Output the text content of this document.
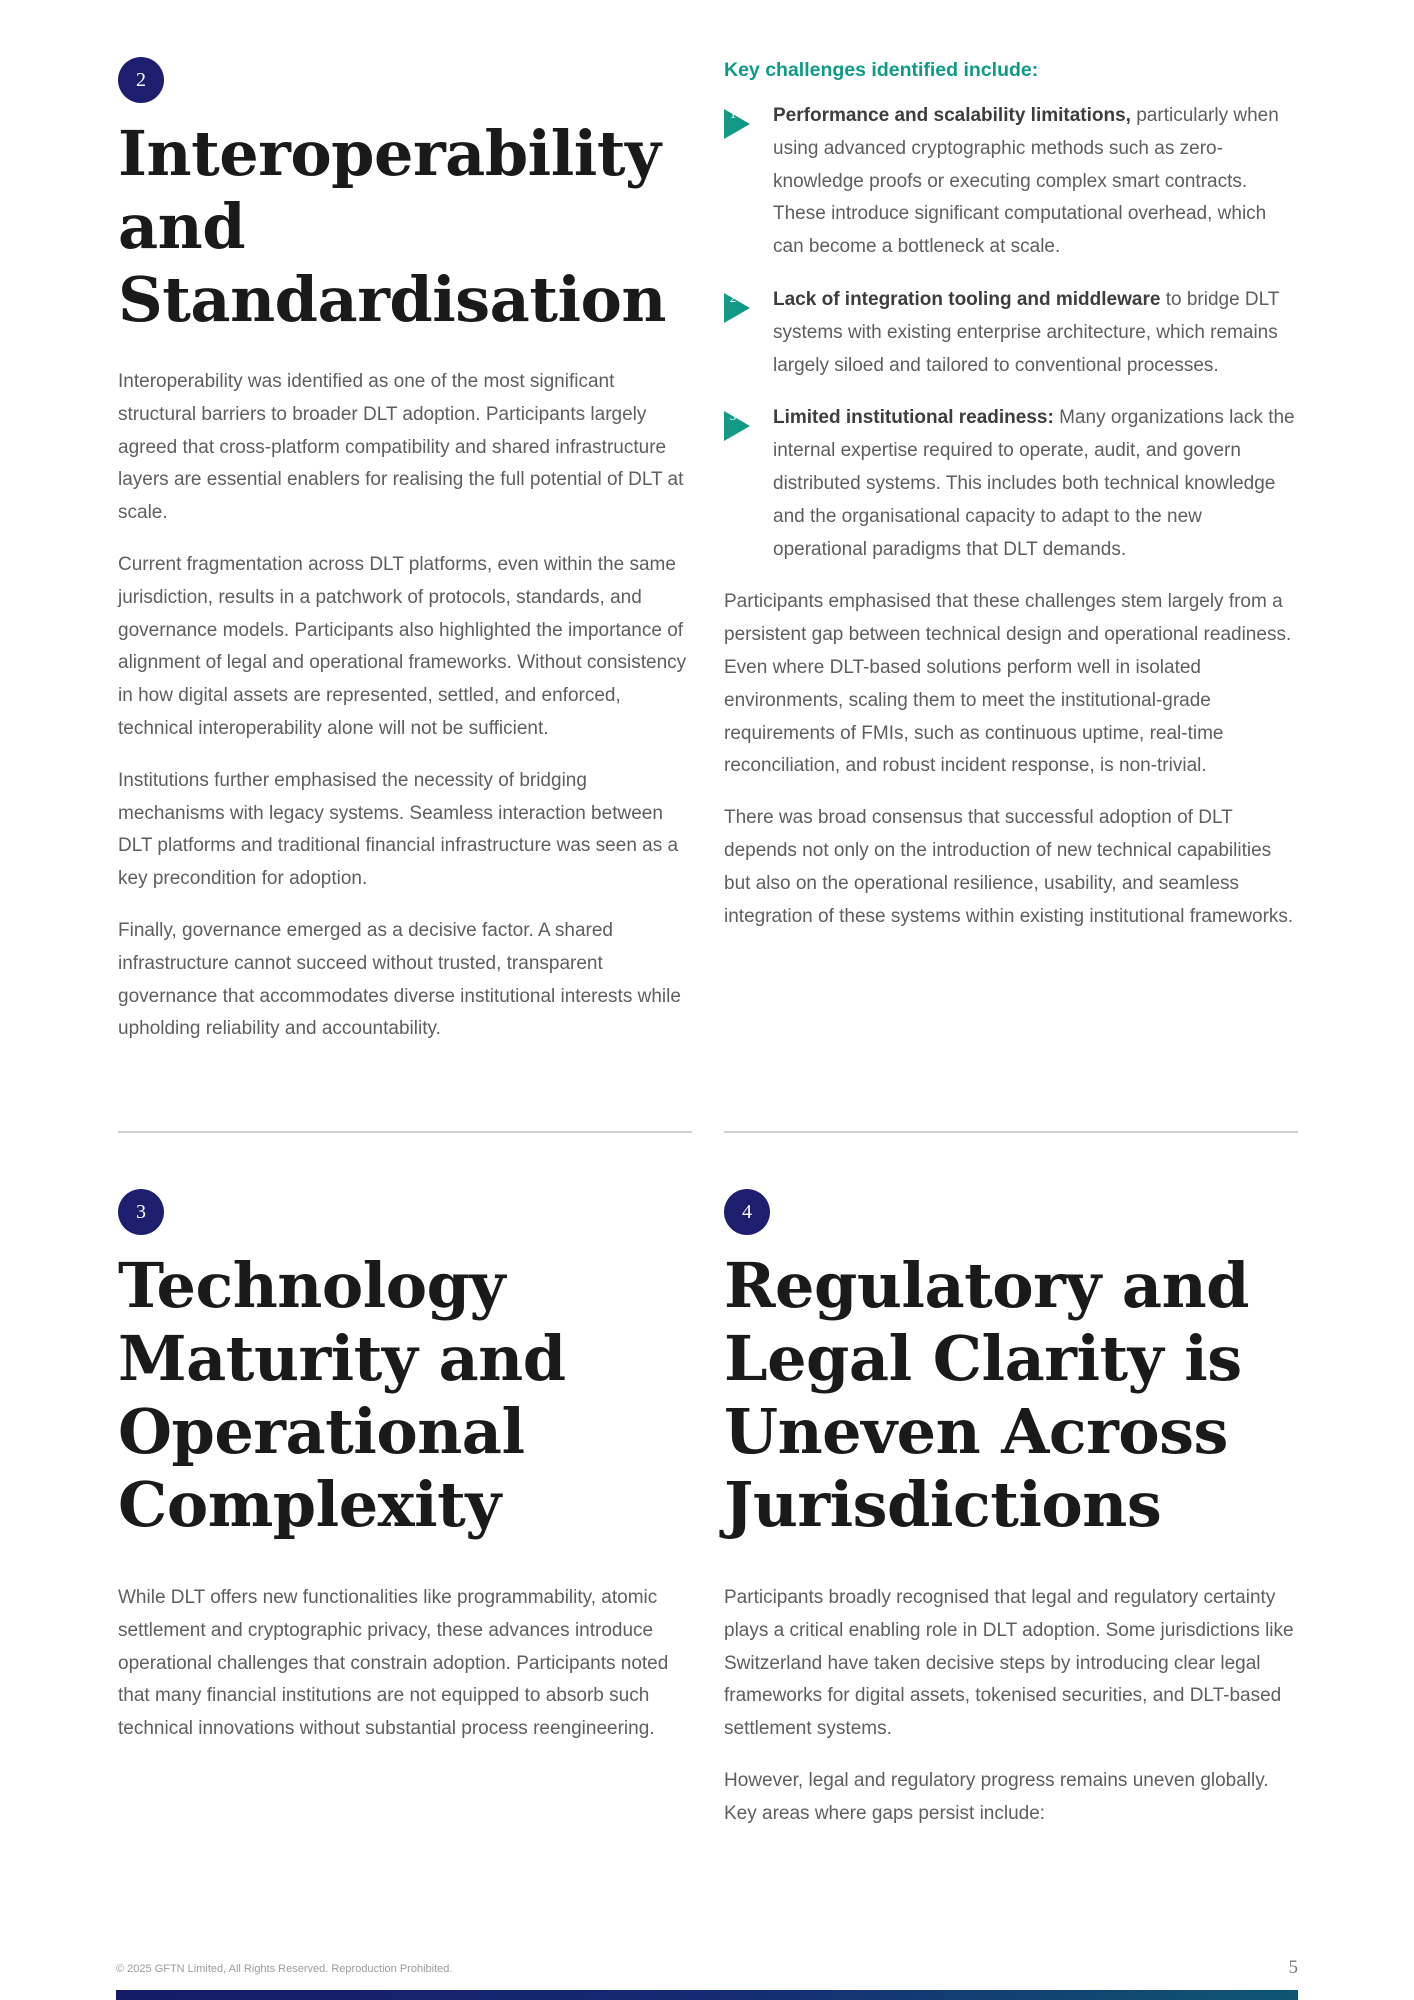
2
Interoperability
and
Standardisation

Interoperability was identified as one of the most significant structural barriers to broader DLT adoption. Participants largely agreed that cross-platform compatibility and shared infrastructure layers are essential enablers for realising the full potential of DLT at scale.

Current fragmentation across DLT platforms, even within the same jurisdiction, results in a patchwork of protocols, standards, and governance models. Participants also highlighted the importance of alignment of legal and operational frameworks. Without consistency in how digital assets are represented, settled, and enforced, technical interoperability alone will not be sufficient.

Institutions further emphasised the necessity of bridging mechanisms with legacy systems. Seamless interaction between DLT platforms and traditional financial infrastructure was seen as a key precondition for adoption.

Finally, governance emerged as a decisive factor. A shared infrastructure cannot succeed without trusted, transparent governance that accommodates diverse institutional interests while upholding reliability and accountability.

Key challenges identified include:
1 Performance and scalability limitations, particularly when using advanced cryptographic methods such as zero-knowledge proofs or executing complex smart contracts. These introduce significant computational overhead, which can become a bottleneck at scale.

2 Lack of integration tooling and middleware to bridge DLT systems with existing enterprise architecture, which remains largely siloed and tailored to conventional processes.

3 Limited institutional readiness: Many organizations lack the internal expertise required to operate, audit, and govern distributed systems. This includes both technical knowledge and the organisational capacity to adapt to the new operational paradigms that DLT demands.

Participants emphasised that these challenges stem largely from a persistent gap between technical design and operational readiness. Even where DLT-based solutions perform well in isolated environments, scaling them to meet the institutional-grade requirements of FMIs, such as continuous uptime, real-time reconciliation, and robust incident response, is non-trivial.

There was broad consensus that successful adoption of DLT depends not only on the introduction of new technical capabilities but also on the operational resilience, usability, and seamless integration of these systems within existing institutional frameworks.

3
Technology
Maturity and
Operational
Complexity

While DLT offers new functionalities like programmability, atomic settlement and cryptographic privacy, these advances introduce operational challenges that constrain adoption. Participants noted that many financial institutions are not equipped to absorb such technical innovations without substantial process reengineering.

4
Regulatory and
Legal Clarity is
Uneven Across
Jurisdictions

Participants broadly recognised that legal and regulatory certainty plays a critical enabling role in DLT adoption. Some jurisdictions like Switzerland have taken decisive steps by introducing clear legal frameworks for digital assets, tokenised securities, and DLT-based settlement systems.

However, legal and regulatory progress remains uneven globally. Key areas where gaps persist include:

© 2025 GFTN Limited, All Rights Reserved. Reproduction Prohibited.	5
